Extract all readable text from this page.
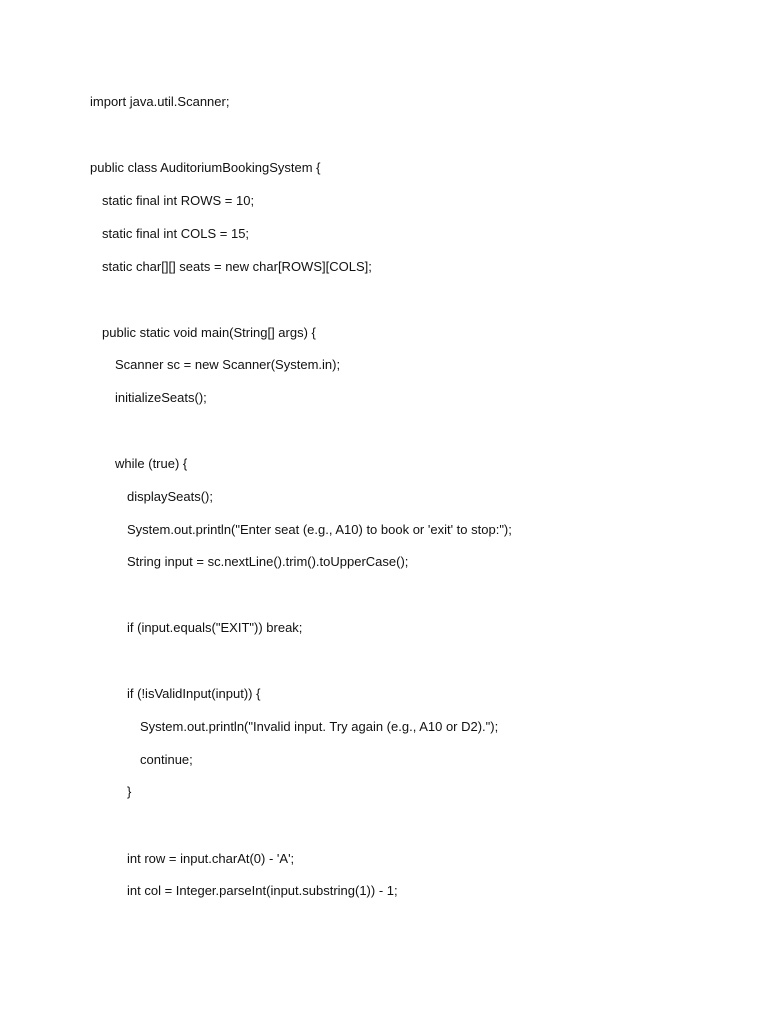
import java.util.Scanner;
public class AuditoriumBookingSystem {
static final int ROWS = 10;
static final int COLS = 15;
static char[][] seats = new char[ROWS][COLS];
public static void main(String[] args) {
Scanner sc = new Scanner(System.in);
initializeSeats();
while (true) {
displaySeats();
System.out.println("Enter seat (e.g., A10) to book or 'exit' to stop:");
String input = sc.nextLine().trim().toUpperCase();
if (input.equals("EXIT")) break;
if (!isValidInput(input)) {
System.out.println("Invalid input. Try again (e.g., A10 or D2).");
continue;
}
int row = input.charAt(0) - 'A';
int col = Integer.parseInt(input.substring(1)) - 1;
